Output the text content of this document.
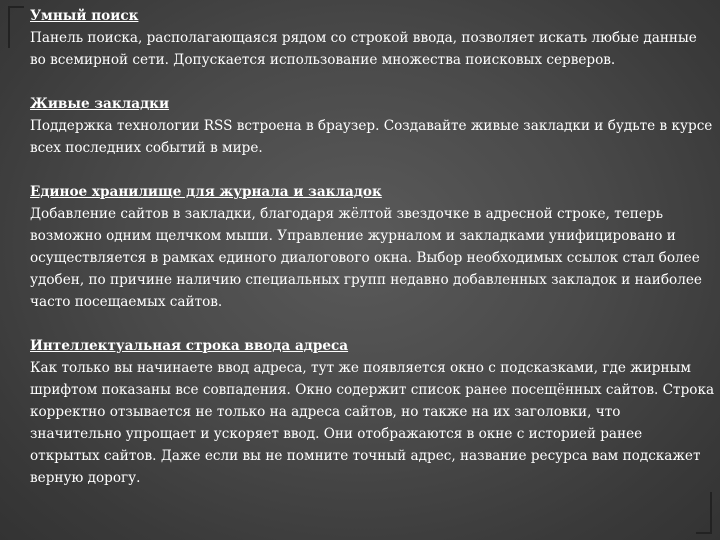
Умный поиск

Панель поиска, располагающаяся рядом со строкой ввода, позволяет искать любые данные во всемирной сети. Допускается использование множества поисковых серверов.

Живые закладки

Поддержка технологии RSS встроена в браузер. Создавайте живые закладки и будьте в курсе всех последних событий в мире.

Единое хранилище для журнала и закладок

Добавление сайтов в закладки, благодаря жёлтой звездочке в адресной строке, теперь возможно одним щелчком мыши. Управление журналом и закладками унифицировано и осуществляется в рамках единого диалогового окна. Выбор необходимых ссылок стал более удобен, по причине наличию специальных групп недавно добавленных закладок и наиболее часто посещаемых сайтов.

Интеллектуальная строка ввода адреса

Как только вы начинаете ввод адреса, тут же появляется окно с подсказками, где жирным шрифтом показаны все совпадения. Окно содержит список ранее посещённых сайтов. Строка корректно отзывается не только на адреса сайтов, но также на их заголовки, что значительно упрощает и ускоряет ввод. Они отображаются в окне с историей ранее открытых сайтов. Даже если вы не помните точный адрес, название ресурса вам подскажет верную дорогу.
